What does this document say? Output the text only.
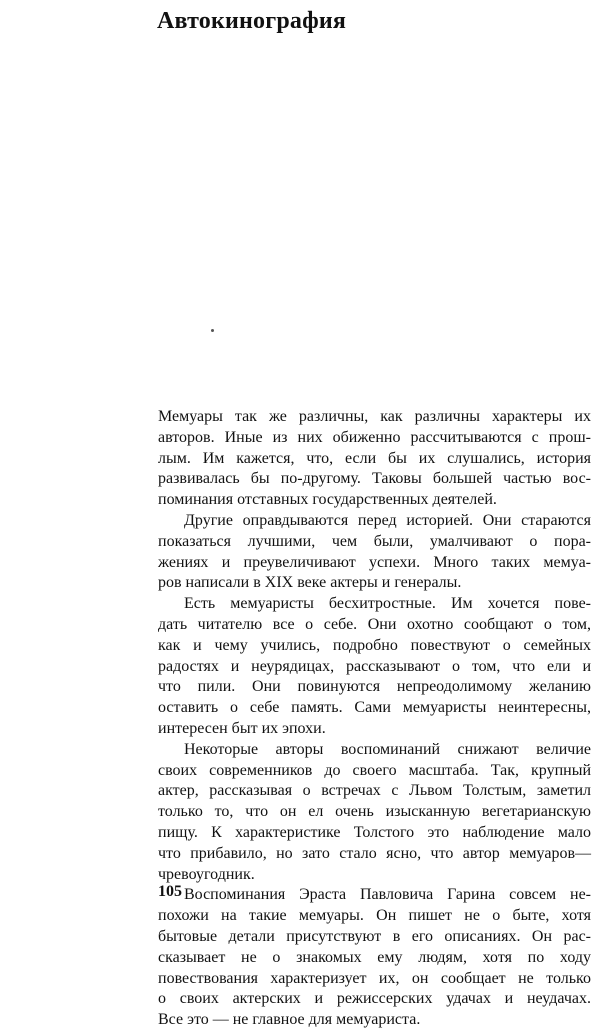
Автокинография
Мемуары так же различны, как различны характеры их
авторов. Иные из них обиженно рассчитываются с прош-
лым. Им кажется, что, если бы их слушались, история
развивалась бы по-другому. Таковы большей частью вос-
поминания отставных государственных деятелей.
Другие оправдываются перед историей. Они стараются
показаться лучшими, чем были, умалчивают о пора-
жениях и преувеличивают успехи. Много таких мемуа-
ров написали в XIX веке актеры и генералы.
Есть мемуаристы бесхитростные. Им хочется пове-
дать читателю все о себе. Они охотно сообщают о том,
как и чему учились, подробно повествуют о семейных
радостях и неурядицах, рассказывают о том, что ели и
что пили. Они повинуются непреодолимому желанию
оставить о себе память. Сами мемуаристы неинтересны,
интересен быт их эпохи.
Некоторые авторы воспоминаний снижают величие
своих современников до своего масштаба. Так, крупный
актер, рассказывая о встречах с Львом Толстым, заметил
только то, что он ел очень изысканную вегетарианскую
пищу. К характеристике Толстого это наблюдение мало
что прибавило, но зато стало ясно, что автор мемуаров—
чревоугодник.
Воспоминания Эраста Павловича Гарина совсем не-
похожи на такие мемуары. Он пишет не о быте, хотя
бытовые детали присутствуют в его описаниях. Он рас-
сказывает не о знакомых ему людям, хотя по ходу
повествования характеризует их, он сообщает не только
о своих актерских и режиссерских удачах и неудачах.
Все это — не главное для мемуариста.
105
